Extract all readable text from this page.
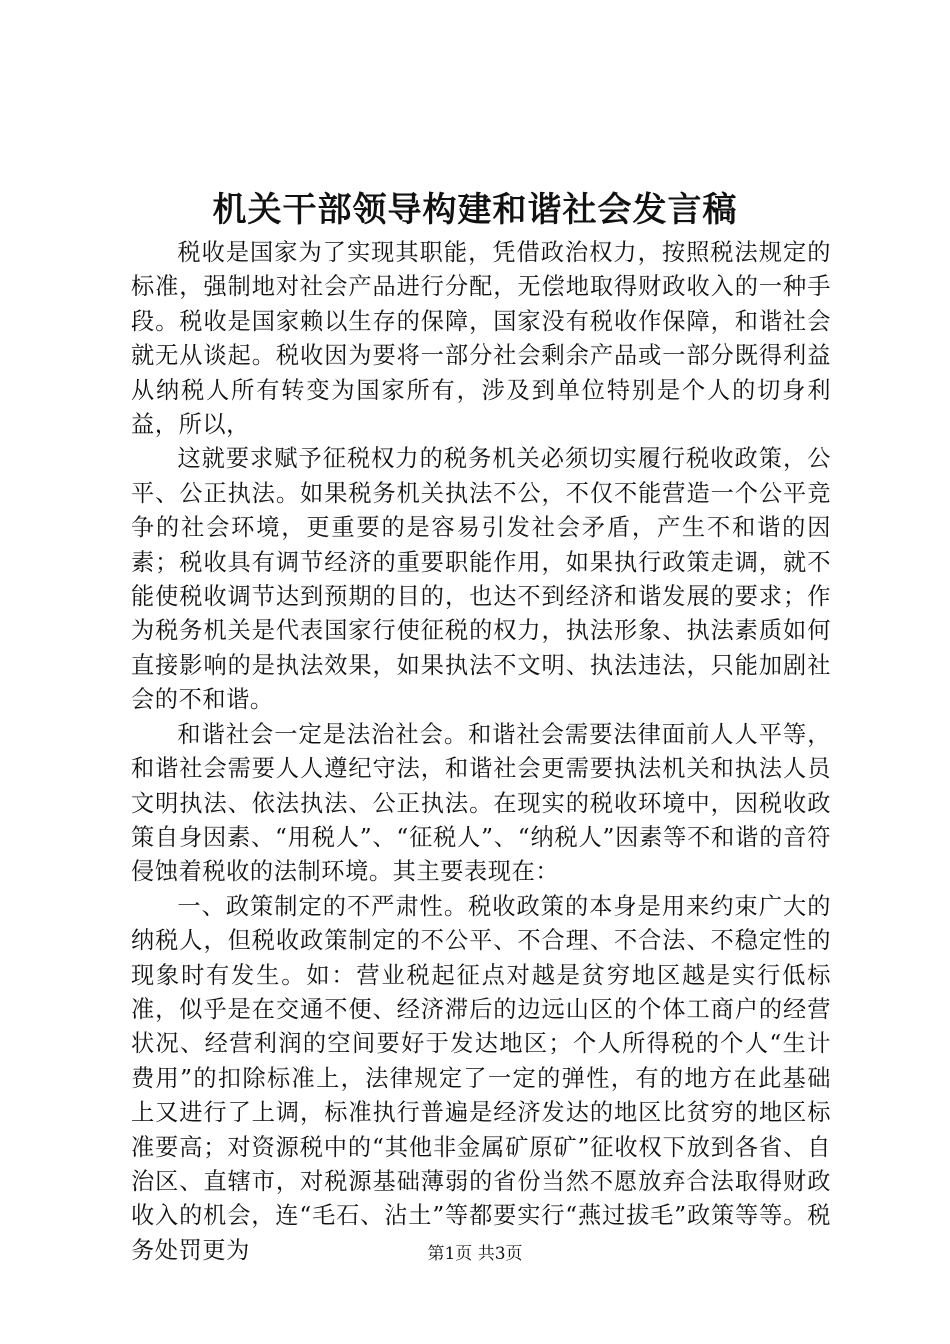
机关干部领导构建和谐社会发言稿

税收是国家为了实现其职能，凭借政治权力，按照税法规定的标准，强制地对社会产品进行分配，无偿地取得财政收入的一种手段。税收是国家赖以生存的保障，国家没有税收作保障，和谐社会就无从谈起。税收因为要将一部分社会剩余产品或一部分既得利益从纳税人所有转变为国家所有，涉及到单位特别是个人的切身利益，所以，

这就要求赋予征税权力的税务机关必须切实履行税收政策，公平、公正执法。如果税务机关执法不公，不仅不能营造一个公平竞争的社会环境，更重要的是容易引发社会矛盾，产生不和谐的因素；税收具有调节经济的重要职能作用，如果执行政策走调，就不能使税收调节达到预期的目的，也达不到经济和谐发展的要求；作为税务机关是代表国家行使征税的权力，执法形象、执法素质如何直接影响的是执法效果，如果执法不文明、执法违法，只能加剧社会的不和谐。

和谐社会一定是法治社会。和谐社会需要法律面前人人平等，和谐社会需要人人遵纪守法，和谐社会更需要执法机关和执法人员文明执法、依法执法、公正执法。在现实的税收环境中，因税收政策自身因素、“用税人”、“征税人”、“纳税人”因素等不和谐的音符侵蚀着税收的法制环境。其主要表现在：

一、政策制定的不严肃性。税收政策的本身是用来约束广大的纳税人，但税收政策制定的不公平、不合理、不合法、不稳定性的现象时有发生。如：营业税起征点对越是贫穷地区越是实行低标准，似乎是在交通不便、经济滞后的边远山区的个体工商户的经营状况、经营利润的空间要好于发达地区；个人所得税的个人“生计费用”的扣除标准上，法律规定了一定的弹性，有的地方在此基础上又进行了上调，标准执行普遍是经济发达的地区比贫穷的地区标准要高；对资源税中的“其他非金属矿原矿”征收权下放到各省、自治区、直辖市，对税源基础薄弱的省份当然不愿放弃合法取得财政收入的机会，连“毛石、沾土”等都要实行“燕过拔毛”政策等等。税务处罚更为	第1页 共3页
